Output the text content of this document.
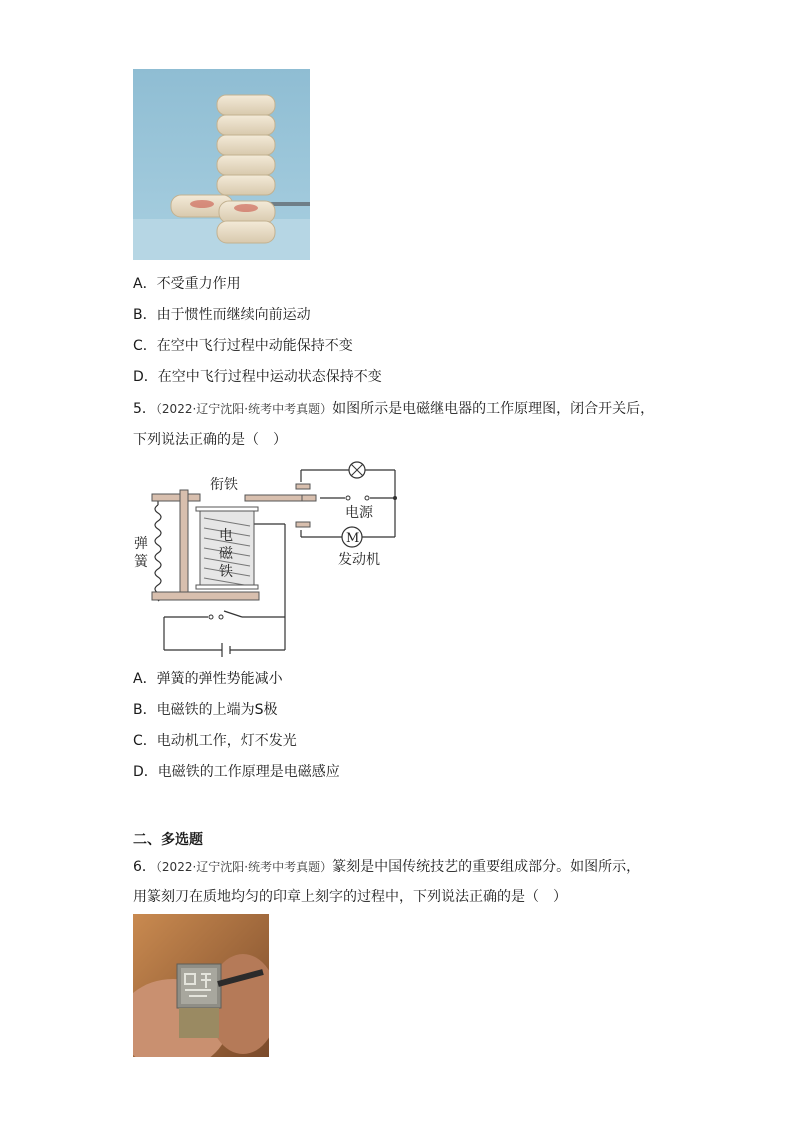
A．不受重力作用
B．由于惯性而继续向前运动
C．在空中飞行过程中动能保持不变
D．在空中飞行过程中运动状态保持不变
5．（2022·辽宁沈阳·统考中考真题）如图所示是电磁继电器的工作原理图，闭合开关后，
下列说法正确的是（　）
衔铁
电源
M
发动机
弹
簧
电
磁
铁
A．弹簧的弹性势能减小
B．电磁铁的上端为S极
C．电动机工作，灯不发光
D．电磁铁的工作原理是电磁感应
二、多选题
6．（2022·辽宁沈阳·统考中考真题）篆刻是中国传统技艺的重要组成部分。如图所示，
用篆刻刀在质地均匀的印章上刻字的过程中，下列说法正确的是（　）
